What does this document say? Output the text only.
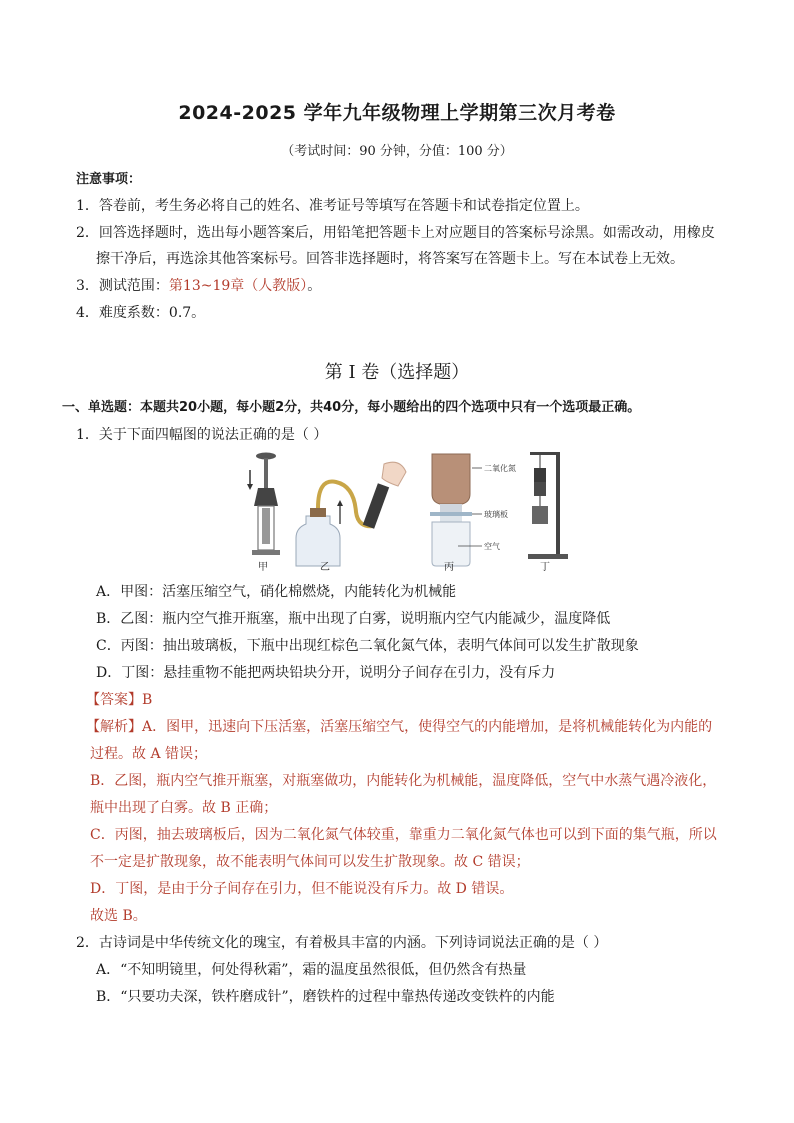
2024-2025 学年九年级物理上学期第三次月考卷
（考试时间：90 分钟，分值：100 分）
注意事项：
1．答卷前，考生务必将自己的姓名、准考证号等填写在答题卡和试卷指定位置上。
2．回答选择题时，选出每小题答案后，用铅笔把答题卡上对应题目的答案标号涂黑。如需改动，用橡皮
擦干净后，再选涂其他答案标号。回答非选择题时，将答案写在答题卡上。写在本试卷上无效。
3．测试范围：第13~19章（人教版）。
4．难度系数：0.7。
第 I 卷（选择题）
一、单选题：本题共20小题，每小题2分，共40分，每小题给出的四个选项中只有一个选项最正确。
1．关于下面四幅图的说法正确的是（ ）
二氧化氮
玻璃板
空气
甲	乙	丙	丁
A．甲图：活塞压缩空气，硝化棉燃烧，内能转化为机械能
B．乙图：瓶内空气推开瓶塞，瓶中出现了白雾，说明瓶内空气内能减少，温度降低
C．丙图：抽出玻璃板，下瓶中出现红棕色二氧化氮气体，表明气体间可以发生扩散现象
D．丁图：悬挂重物不能把两块铅块分开，说明分子间存在引力，没有斥力
【答案】B
【解析】A．图甲，迅速向下压活塞，活塞压缩空气，使得空气的内能增加，是将机械能转化为内能的
过程。故 A 错误；
B．乙图，瓶内空气推开瓶塞，对瓶塞做功，内能转化为机械能，温度降低，空气中水蒸气遇冷液化，
瓶中出现了白雾。故 B 正确；
C．丙图，抽去玻璃板后，因为二氧化氮气体较重，靠重力二氧化氮气体也可以到下面的集气瓶，所以
不一定是扩散现象，故不能表明气体间可以发生扩散现象。故 C 错误；
D．丁图，是由于分子间存在引力，但不能说没有斥力。故 D 错误。
故选 B。
2．古诗词是中华传统文化的瑰宝，有着极具丰富的内涵。下列诗词说法正确的是（ ）
A．“不知明镜里，何处得秋霜”，霜的温度虽然很低，但仍然含有热量
B．“只要功夫深，铁杵磨成针”，磨铁杵的过程中靠热传递改变铁杵的内能
